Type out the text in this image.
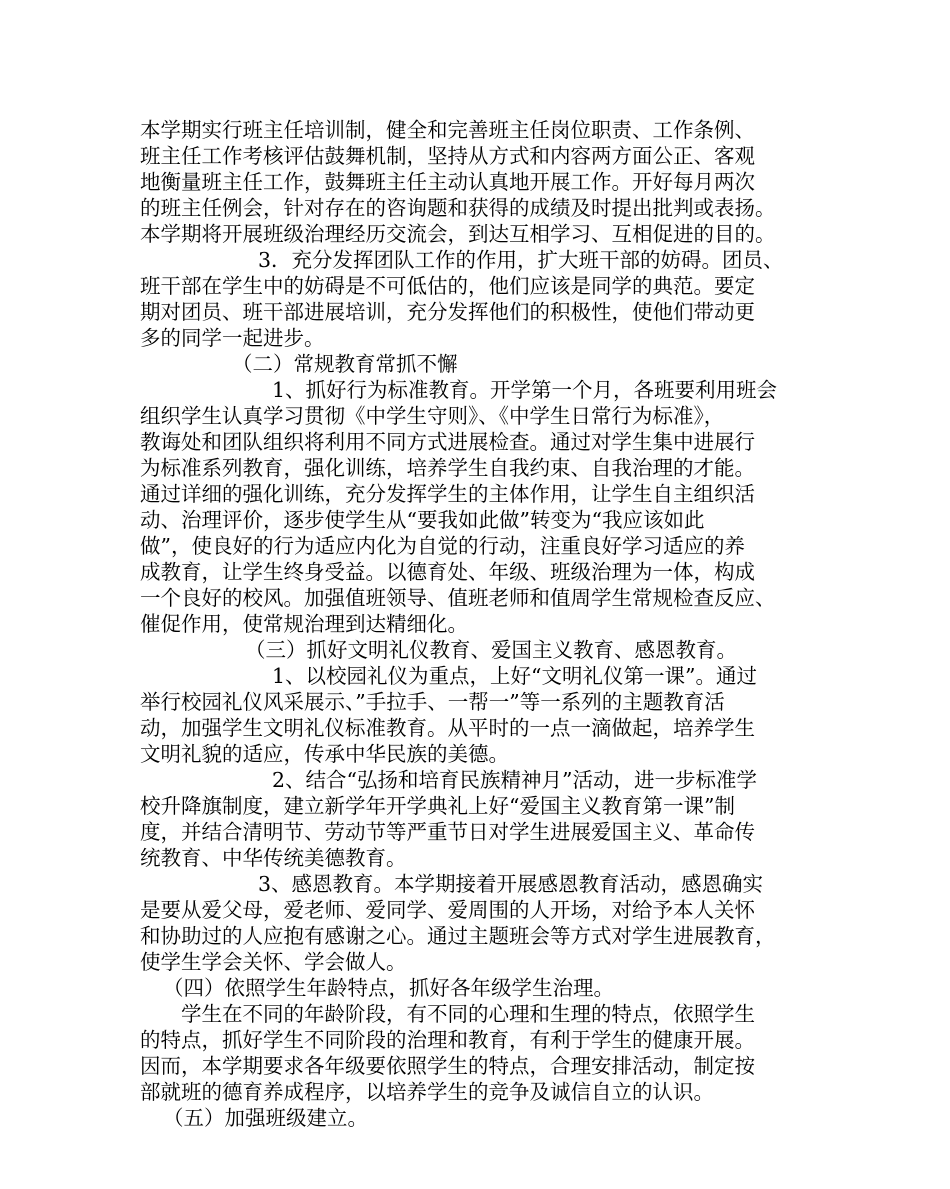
本学期实行班主任培训制，健全和完善班主任岗位职责、工作条例、
班主任工作考核评估鼓舞机制，坚持从方式和内容两方面公正、客观
地衡量班主任工作，鼓舞班主任主动认真地开展工作。开好每月两次
的班主任例会，针对存在的咨询题和获得的成绩及时提出批判或表扬。
本学期将开展班级治理经历交流会，到达互相学习、互相促进的目的。
3．充分发挥团队工作的作用，扩大班干部的妨碍。团员、
班干部在学生中的妨碍是不可低估的，他们应该是同学的典范。要定
期对团员、班干部进展培训，充分发挥他们的积极性，使他们带动更
多的同学一起进步。
（二）常规教育常抓不懈
1、抓好行为标准教育。开学第一个月，各班要利用班会
组织学生认真学习贯彻《中学生守则》、《中学生日常行为标准》，
教诲处和团队组织将利用不同方式进展检查。通过对学生集中进展行
为标准系列教育，强化训练，培养学生自我约束、自我治理的才能。
通过详细的强化训练，充分发挥学生的主体作用，让学生自主组织活
动、治理评价，逐步使学生从“要我如此做”转变为“我应该如此
做”，使良好的行为适应内化为自觉的行动，注重良好学习适应的养
成教育，让学生终身受益。以德育处、年级、班级治理为一体，构成
一个良好的校风。加强值班领导、值班老师和值周学生常规检查反应、
催促作用，使常规治理到达精细化。
（三）抓好文明礼仪教育、爱国主义教育、感恩教育。
1、以校园礼仪为重点，上好“文明礼仪第一课”。通过
举行校园礼仪风采展示、”手拉手、一帮一”等一系列的主题教育活
动，加强学生文明礼仪标准教育。从平时的一点一滴做起，培养学生
文明礼貌的适应，传承中华民族的美德。
2、结合“弘扬和培育民族精神月”活动，进一步标准学
校升降旗制度，建立新学年开学典礼上好“爱国主义教育第一课”制
度，并结合清明节、劳动节等严重节日对学生进展爱国主义、革命传
统教育、中华传统美德教育。
3、感恩教育。本学期接着开展感恩教育活动，感恩确实
是要从爱父母，爱老师、爱同学、爱周围的人开场，对给予本人关怀
和协助过的人应抱有感谢之心。通过主题班会等方式对学生进展教育，
使学生学会关怀、学会做人。
（四）依照学生年龄特点，抓好各年级学生治理。
学生在不同的年龄阶段，有不同的心理和生理的特点，依照学生
的特点，抓好学生不同阶段的治理和教育，有利于学生的健康开展。
因而，本学期要求各年级要依照学生的特点，合理安排活动，制定按
部就班的德育养成程序，以培养学生的竞争及诚信自立的认识。
（五）加强班级建立。
